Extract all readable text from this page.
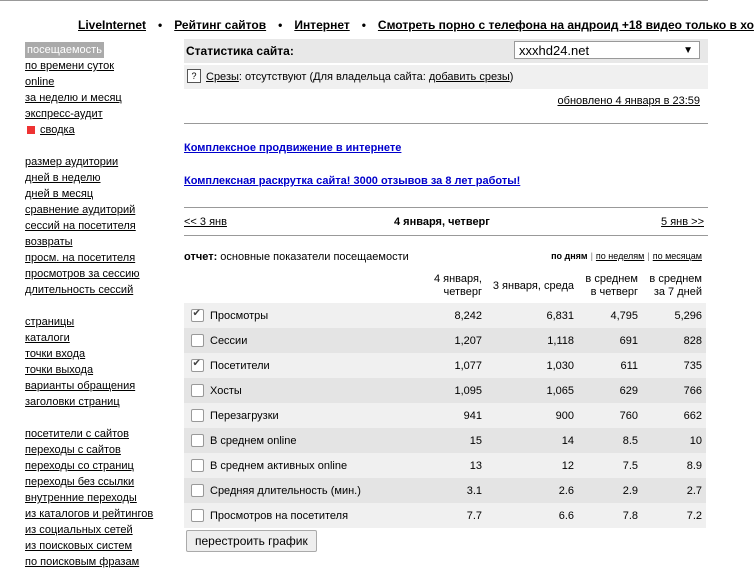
LiveInternet • Рейтинг сайтов • Интернет • Смотреть порно с телефона на андроид +18 видео только в хо
посещаемость
по времени суток
online
за неделю и месяц
экспресс-аудит
сводка
размер аудитории
дней в неделю
дней в месяц
сравнение аудиторий
сессий на посетителя
возвраты
просм. на посетителя
просмотров за сессию
длительность сессий
страницы
каталоги
точки входа
точки выхода
варианты обращения
заголовки страниц
посетители с сайтов
переходы с сайтов
переходы со страниц
переходы без ссылки
внутренние переходы
из каталогов и рейтингов
из социальных сетей
из поисковых систем
по поисковым фразам
Статистика сайта:	xxxhd24.net	▼
? Срезы: отсутствуют (Для владельца сайта: добавить срезы)
обновлено 4 января в 23:59
Комплексное продвижение в интернете
Комплексная раскрутка сайта! 3000 отзывов за 8 лет работы!
<< 3 янв	4 января, четверг	5 янв >>
отчет: основные показатели посещаемости	по дням | по неделям | по месяцам
		4 января, четверг	3 января, среда	в среднем в четверг	в среднем за 7 дней
✔	Просмотры	8,242	6,831	4,795	5,296
	Сессии	1,207	1,118	691	828
✔	Посетители	1,077	1,030	611	735
	Хосты	1,095	1,065	629	766
	Перезагрузки	941	900	760	662
	В среднем online	15	14	8.5	10
	В среднем активных online	13	12	7.5	8.9
	Средняя длительность (мин.)	3.1	2.6	2.9	2.7
	Просмотров на посетителя	7.7	6.6	7.8	7.2
перестроить график
